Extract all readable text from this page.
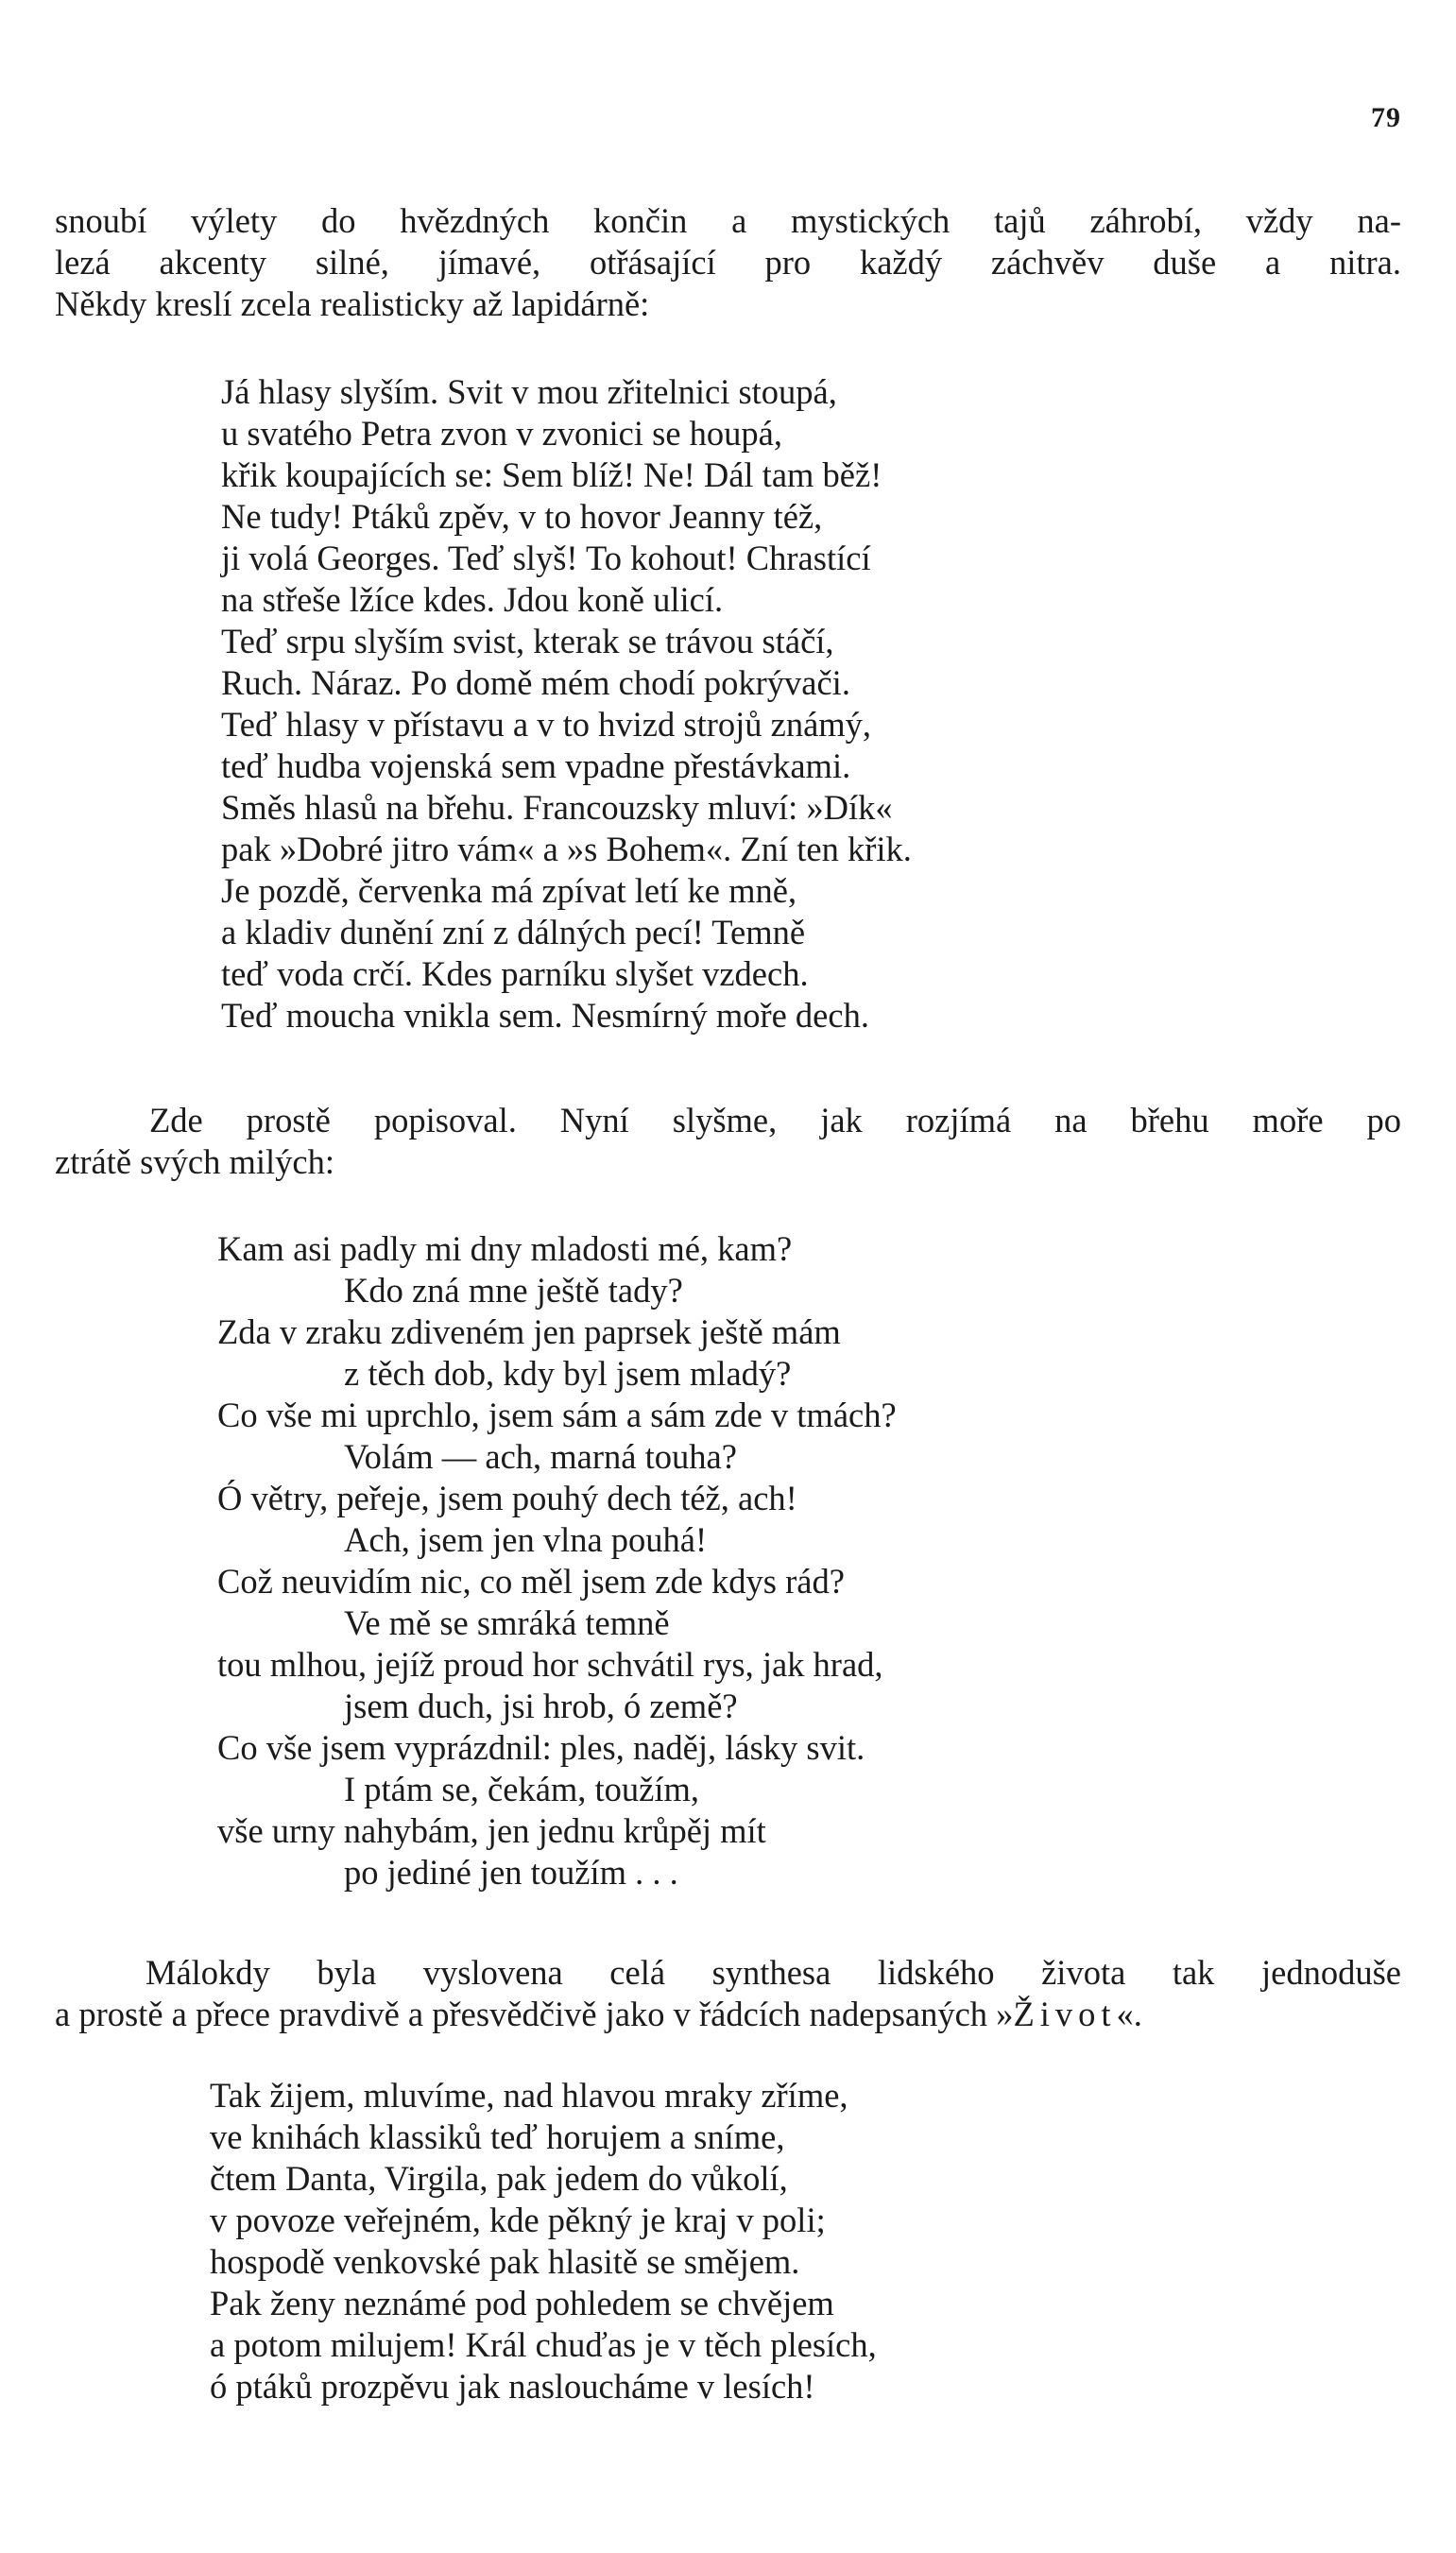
79
snoubí výlety do hvězdných končin a mystických tajů záhrobí, vždy na-
lezá akcenty silné, jímavé, otřásající pro každý záchvěv duše a nitra.
Někdy kreslí zcela realisticky až lapidárně:
Já hlasy slyším. Svit v mou zřitelnici stoupá,
u svatého Petra zvon v zvonici se houpá,
křik koupajících se: Sem blíž! Ne! Dál tam běž!
Ne tudy! Ptáků zpěv, v to hovor Jeanny též,
ji volá Georges. Teď slyš! To kohout! Chrastící
na střeše lžíce kdes. Jdou koně ulicí.
Teď srpu slyším svist, kterak se trávou stáčí,
Ruch. Náraz. Po domě mém chodí pokrývači.
Teď hlasy v přístavu a v to hvizd strojů známý,
teď hudba vojenská sem vpadne přestávkami.
Směs hlasů na břehu. Francouzsky mluví: »Dík«
pak »Dobré jitro vám« a »s Bohem«. Zní ten křik.
Je pozdě, červenka má zpívat letí ke mně,
a kladiv dunění zní z dálných pecí! Temně
teď voda crčí. Kdes parníku slyšet vzdech.
Teď moucha vnikla sem. Nesmírný moře dech.
Zde prostě popisoval. Nyní slyšme, jak rozjímá na břehu moře po
ztrátě svých milých:
Kam asi padly mi dny mladosti mé, kam?
Kdo zná mne ještě tady?
Zda v zraku zdiveném jen paprsek ještě mám
z těch dob, kdy byl jsem mladý?
Co vše mi uprchlo, jsem sám a sám zde v tmách?
Volám — ach, marná touha?
Ó větry, peřeje, jsem pouhý dech též, ach!
Ach, jsem jen vlna pouhá!
Což neuvidím nic, co měl jsem zde kdys rád?
Ve mě se smráká temně
tou mlhou, jejíž proud hor schvátil rys, jak hrad,
jsem duch, jsi hrob, ó země?
Co vše jsem vyprázdnil: ples, naděj, lásky svit.
I ptám se, čekám, toužím,
vše urny nahybám, jen jednu krůpěj mít
po jediné jen toužím . . .
Málokdy byla vyslovena celá synthesa lidského života tak jednoduše
a prostě a přece pravdivě a přesvědčivě jako v řádcích nadepsaných »Život«.
Tak žijem, mluvíme, nad hlavou mraky zříme,
ve knihách klassiků teď horujem a sníme,
čtem Danta, Virgila, pak jedem do vůkolí,
v povoze veřejném, kde pěkný je kraj v poli;
hospodě venkovské pak hlasitě se smějem.
Pak ženy neznámé pod pohledem se chvějem
a potom milujem! Král chuďas je v těch plesích,
ó ptáků prozpěvu jak nasloucháme v lesích!
